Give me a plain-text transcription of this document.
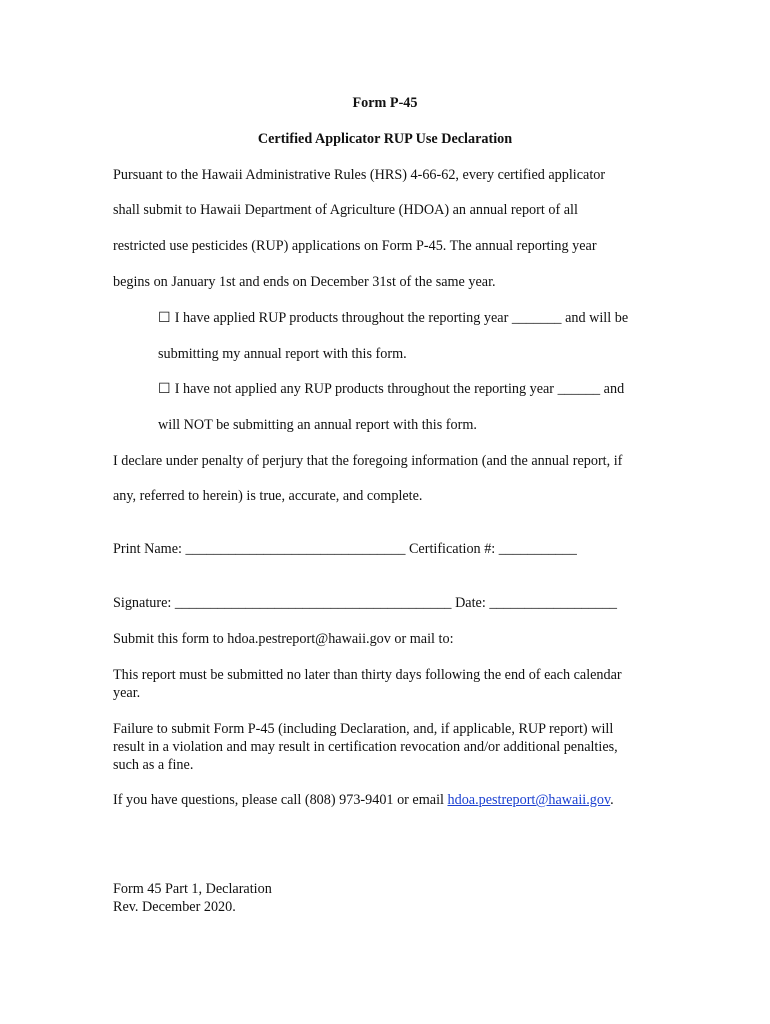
Form P-45
Certified Applicator RUP Use Declaration
Pursuant to the Hawaii Administrative Rules (HRS) 4-66-62, every certified applicator
shall submit to Hawaii Department of Agriculture (HDOA) an annual report of all
restricted use pesticides (RUP) applications on Form P-45. The annual reporting year
begins on January 1st and ends on December 31st of the same year.
☐ I have applied RUP products throughout the reporting year _______ and will be
submitting my annual report with this form.
☐ I have not applied any RUP products throughout the reporting year ______ and
will NOT be submitting an annual report with this form.
I declare under penalty of perjury that the foregoing information (and the annual report, if
any, referred to herein) is true, accurate, and complete.
Print Name: _______________________________ Certification #: ___________
Signature: _______________________________________ Date: __________________
Submit this form to hdoa.pestreport@hawaii.gov or mail to:
This report must be submitted no later than thirty days following the end of each calendar
year.
Failure to submit Form P-45 (including Declaration, and, if applicable, RUP report) will
result in a violation and may result in certification revocation and/or additional penalties,
such as a fine.
If you have questions, please call (808) 973-9401 or email hdoa.pestreport@hawaii.gov.
Form 45 Part 1, Declaration
Rev. December 2020.
